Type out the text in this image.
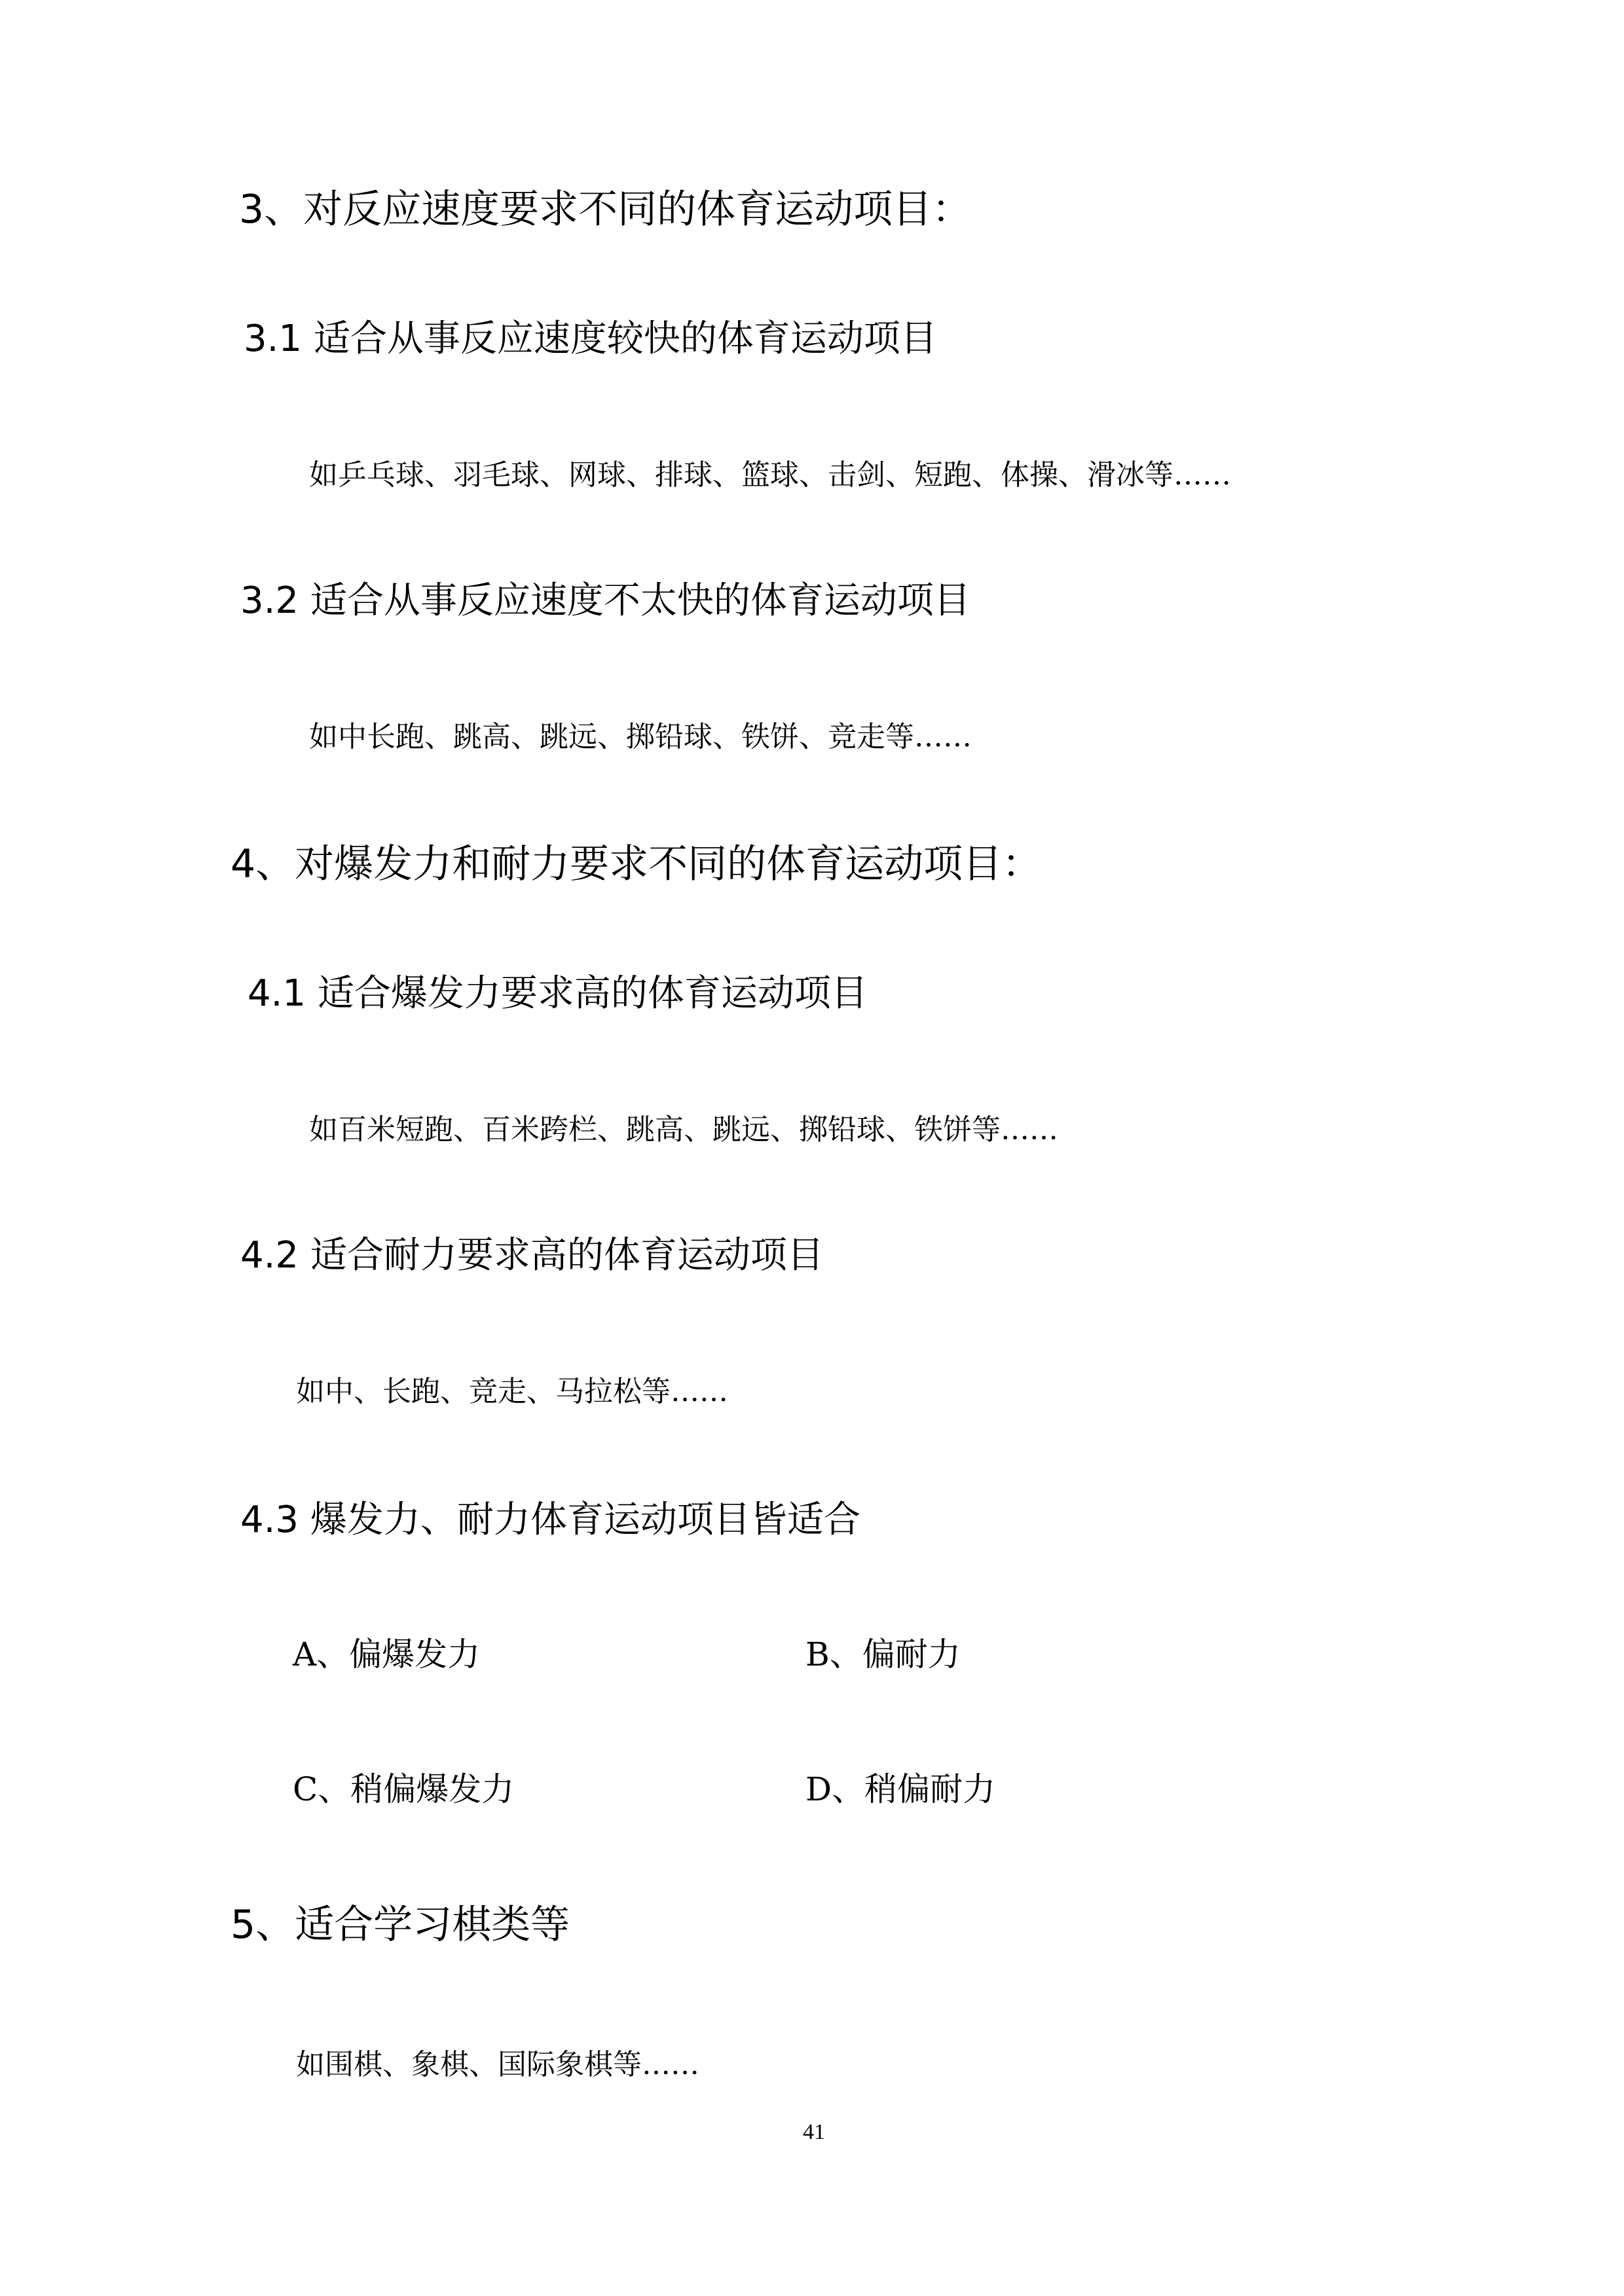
3、对反应速度要求不同的体育运动项目：
3.1 适合从事反应速度较快的体育运动项目
如乒乓球、羽毛球、网球、排球、篮球、击剑、短跑、体操、滑冰等……
3.2 适合从事反应速度不太快的体育运动项目
如中长跑、跳高、跳远、掷铅球、铁饼、竞走等……
4、对爆发力和耐力要求不同的体育运动项目：
4.1 适合爆发力要求高的体育运动项目
如百米短跑、百米跨栏、跳高、跳远、掷铅球、铁饼等……
4.2 适合耐力要求高的体育运动项目
如中、长跑、竞走、马拉松等……
4.3 爆发力、耐力体育运动项目皆适合
A、偏爆发力	B、偏耐力
C、稍偏爆发力	D、稍偏耐力
5、适合学习棋类等
如围棋、象棋、国际象棋等……
41
